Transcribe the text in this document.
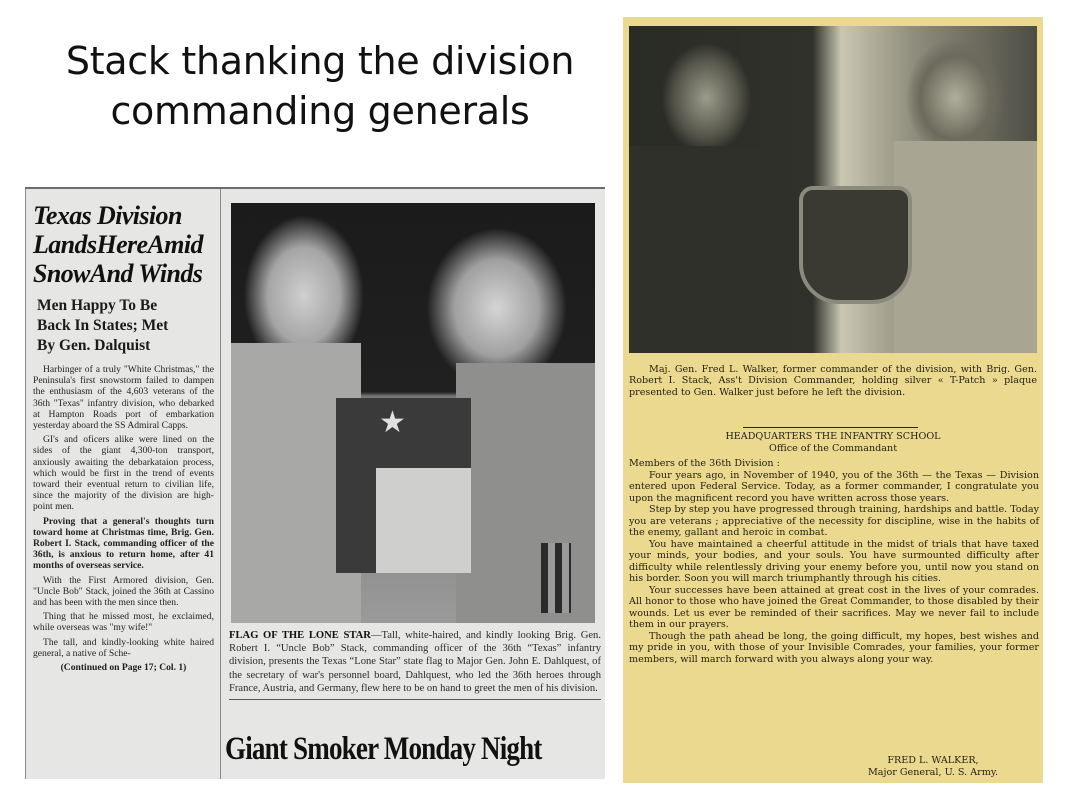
Stack thanking the division
commanding generals
Texas Division
LandsHereAmid
SnowAnd Winds
Men Happy To Be
Back In States; Met
By Gen. Dalquist

Harbinger of a truly "White Christmas," the Peninsula's first snowstorm failed to dampen the enthusiasm of the 4,603 veterans of the 36th "Texas" infantry division, who debarked at Hampton Roads port of embarkation yesterday aboard the SS Admiral Capps.

GI's and oficers alike were lined on the sides of the giant 4,300-ton transport, anxiously awaiting the debarkataion process, which would be first in the trend of events toward their eventual return to civilian life, since the majority of the division are high-point men.

Proving that a general's thoughts turn toward home at Christmas time, Brig. Gen. Robert I. Stack, commanding officer of the 36th, is anxious to return home, after 41 months of overseas service.

With the First Armored division, Gen. "Uncle Bob" Stack, joined the 36th at Cassino and has been with the men since then.

Thing that he missed most, he exclaimed, while overseas was "my wife!"

The tall, and kindly-looking white haired general, a native of Sche-

(Continued on Page 17; Col. 1)
★
FLAG OF THE LONE STAR—Tall, white-haired, and kindly looking Brig. Gen. Robert I. “Uncle Bob” Stack, commanding officer of the 36th “Texas” infantry division, presents the Texas “Lone Star” state flag to Major Gen. John E. Dahlquest, of the secretary of war's personnel board, Dahlquest, who led the 36th heroes through France, Austria, and Germany, flew here to be on hand to greet the men of his division.
Giant Smoker Monday Night
Maj. Gen. Fred L. Walker, former commander of the division, with Brig. Gen. Robert I. Stack, Ass't Division Commander, holding silver « T-Patch » plaque presented to Gen. Walker just before he left the division.
HEADQUARTERS THE INFANTRY SCHOOL
Office of the Commandant

Members of the 36th Division :

Four years ago, in November of 1940, you of the 36th — the Texas — Division entered upon Federal Service. Today, as a former commander, I congratulate you upon the magnificent record you have written across those years.

Step by step you have progressed through training, hardships and battle. Today you are veterans ; appreciative of the necessity for discipline, wise in the habits of the enemy, gallant and heroic in combat.

You have maintained a cheerful attitude in the midst of trials that have taxed your minds, your bodies, and your souls. You have surmounted difficulty after difficulty while relentlessly driving your enemy before you, until now you stand on his border. Soon you will march triumphantly through his cities.

Your successes have been attained at great cost in the lives of your comrades. All honor to those who have joined the Great Commander, to those disabled by their wounds. Let us ever be reminded of their sacrifices. May we never fail to include them in our prayers.

Though the path ahead be long, the going difficult, my hopes, best wishes and my pride in you, with those of your Invisible Comrades, your families, your former members, will march forward with you always along your way.

FRED L. WALKER,
Major General, U. S. Army.
